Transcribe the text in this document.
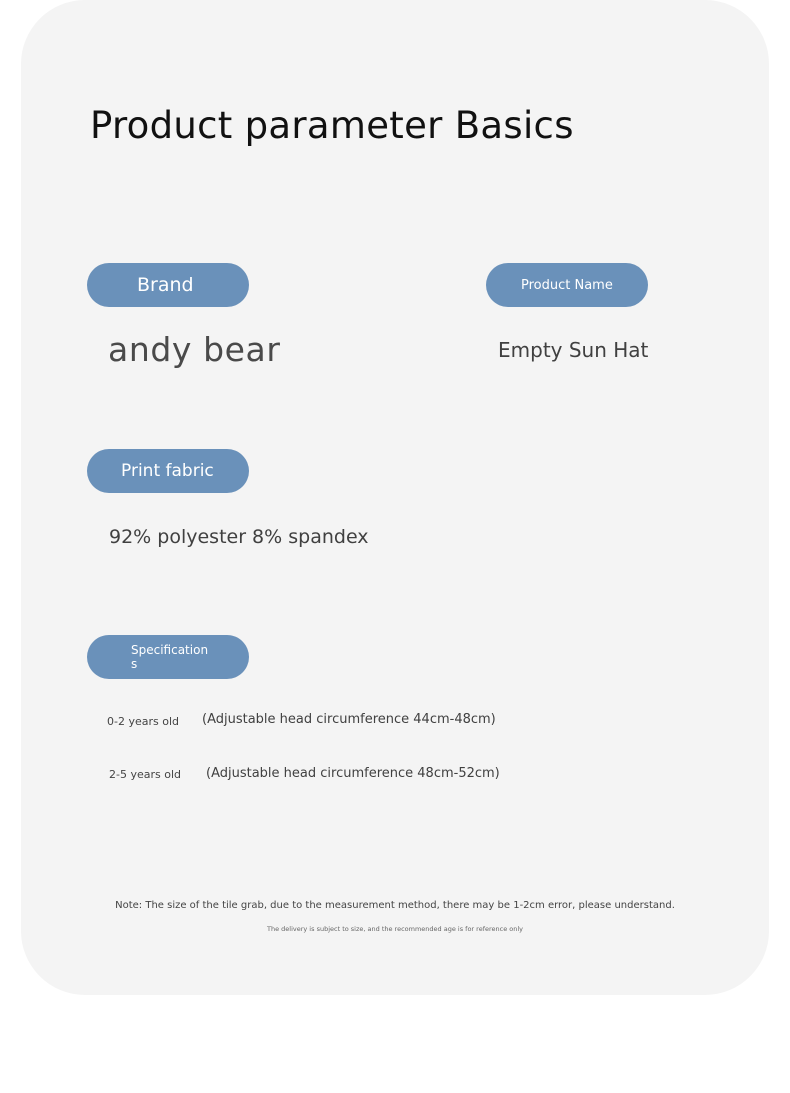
Product parameter Basics
Brand
andy bear
Product Name
Empty Sun Hat
Print fabric
92% polyester 8% spandex
Specifications
0-2 years old (Adjustable head circumference 44cm-48cm)
2-5 years old (Adjustable head circumference 48cm-52cm)
Note: The size of the tile grab, due to the measurement method, there may be 1-2cm error, please understand.
The delivery is subject to size, and the recommended age is for reference only
